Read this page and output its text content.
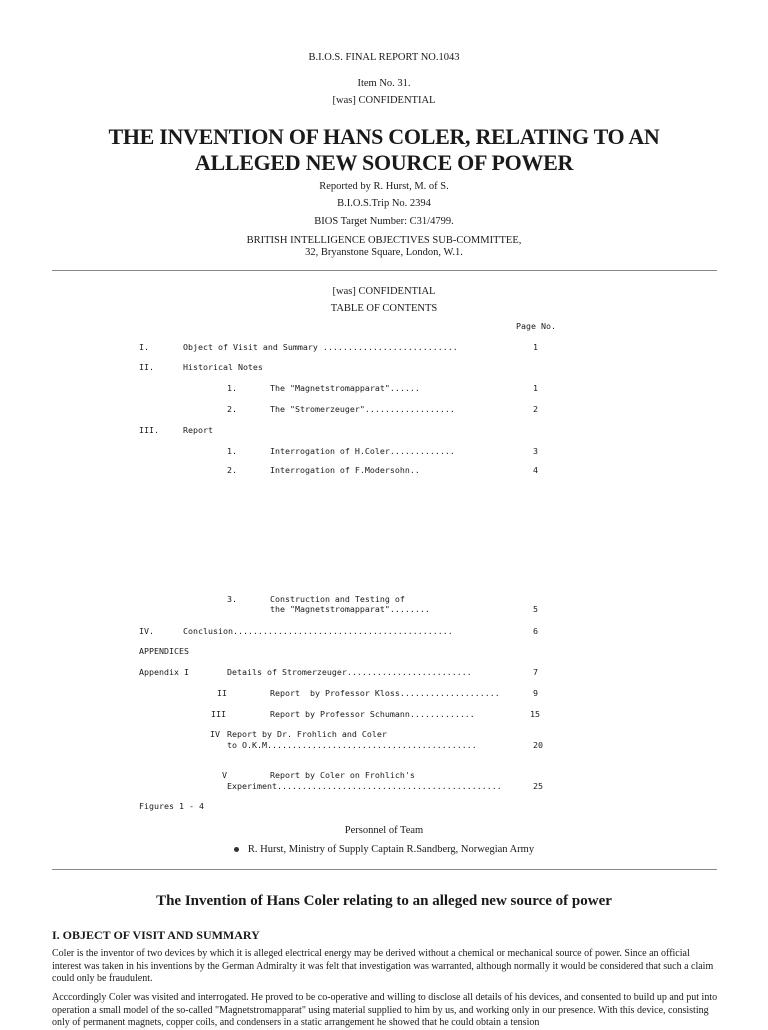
B.I.O.S. FINAL REPORT NO.1043
Item No. 31.
[was] CONFIDENTIAL
THE INVENTION OF HANS COLER, RELATING TO AN
ALLEGED NEW SOURCE OF POWER
Reported by R. Hurst, M. of S.
B.I.O.S.Trip No. 2394
BIOS Target Number: C31/4799.
BRITISH INTELLIGENCE OBJECTIVES SUB-COMMITTEE,
32, Bryanstone Square, London, W.1.
[was] CONFIDENTIAL
TABLE OF CONTENTS
Page No.
I.	Object of Visit and Summary ...........................	1
II.	Historical Notes
1.	The "Magnetstromapparat"......	1
2.	The "Stromerzeuger"..................	2
III.	Report
1.	Interrogation of H.Coler.............	3
2.	Interrogation of F.Modersohn..	4
3.	Construction and Testing of
the "Magnetstromapparat"........	5
IV.	Conclusion............................................	6
APPENDICES
Appendix I	Details of Stromerzeuger.........................	7
II	Report  by Professor Kloss....................	9
III	Report by Professor Schumann.............	15
IV Report by Dr. Frohlich and Coler
to O.K.M..........................................	20
V	Report by Coler on Frohlich's
Experiment.............................................	25
Figures 1 - 4
Personnel of Team
R. Hurst, Ministry of Supply Captain R.Sandberg, Norwegian Army
The Invention of Hans Coler relating to an alleged new source of power
I. OBJECT OF VISIT AND SUMMARY
Coler is the inventor of two devices by which it is alleged electrical energy may be derived without a chemical or mechanical source of power. Since an official interest was taken in his inventions by the German Admiralty it was felt that investigation was warranted, although normally it would be considered that such a claim could only be fraudulent.
Acccordingly Coler was visited and interrogated. He proved to be co-operative and willing to disclose all details of his devices, and consented to build up and put into operation a small model of the so-called "Magnetstromapparat" using material supplied to him by us, and working only in our presence. With this device, consisting only of permanent magnets, copper coils, and condensers in a static arrangement he showed that he could obtain a tension
